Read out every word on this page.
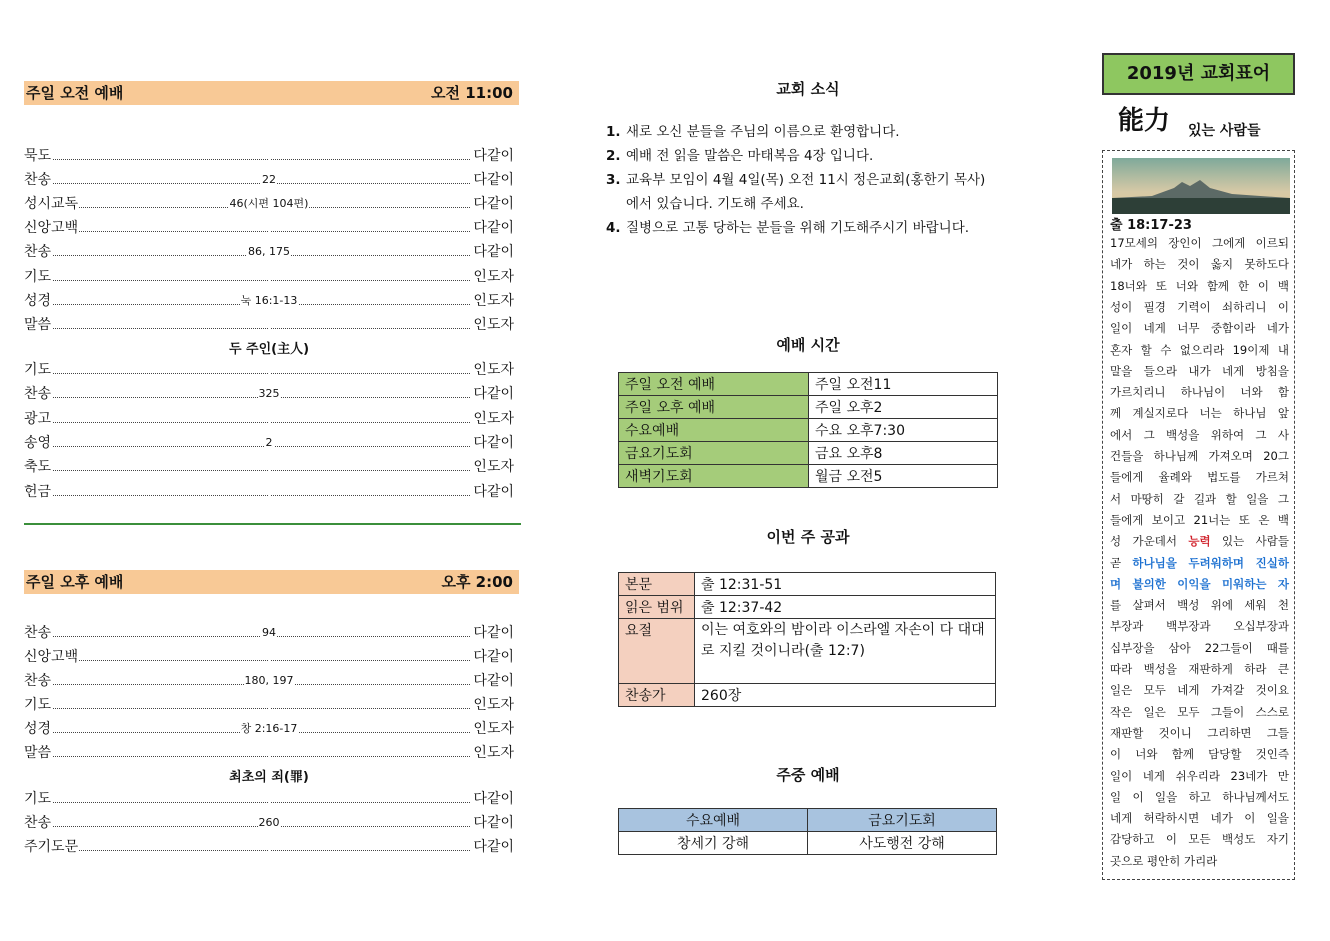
주일 오전 예배	오전 11:00
묵도	다같이
찬송	22	다같이
성시교독	46(시편 104편)	다같이
신앙고백	다같이
찬송	86, 175	다같이
기도	인도자
성경	눅 16:1-13	인도자
말씀	인도자
두 주인(主人)
기도	인도자
찬송	325	다같이
광고	인도자
송영	2	다같이
축도	인도자
헌금	다같이
주일 오후 예배	오후 2:00
찬송	94	다같이
신앙고백	다같이
찬송	180, 197	다같이
기도	인도자
성경	창 2:16-17	인도자
말씀	인도자
최초의 죄(罪)
기도	다같이
찬송	260	다같이
주기도문	다같이
교회 소식
1. 새로 오신 분들을 주님의 이름으로 환영합니다.
2. 예배 전 읽을 말씀은 마태복음 4장 입니다.
3. 교육부 모임이 4월 4일(목) 오전 11시 정은교회(홍한기 목사)
에서 있습니다. 기도해 주세요.
4. 질병으로 고통 당하는 분들을 위해 기도해주시기 바랍니다.
예배 시간
주일 오전 예배	주일 오전11
주일 오후 예배	주일 오후2
수요예배	수요 오후7:30
금요기도회	금요 오후8
새벽기도회	월금 오전5
이번 주 공과
본문	출 12:31-51
읽은 범위	출 12:37-42
요절	이는 여호와의 밤이라 이스라엘 자손이 다 대대
로 지킬 것이니라(출 12:7)
찬송가	260장
주중 예배
수요예배	금요기도회
창세기 강해	사도행전 강해
2019년 교회표어
能力 있는 사람들
출 18:17-23
17모세의 장인이 그에게 이르되
네가 하는 것이 옳지 못하도다
18너와 또 너와 함께 한 이 백
성이 필경 기력이 쇠하리니 이
일이 네게 너무 중함이라 네가
혼자 할 수 없으리라 19이제 내
말을 들으라 내가 네게 방침을
가르치리니 하나님이 너와 함
께 계실지로다 너는 하나님 앞
에서 그 백성을 위하여 그 사
건들을 하나님께 가져오며 20그
들에게 율례와 법도를 가르쳐
서 마땅히 갈 길과 할 일을 그
들에게 보이고 21너는 또 온 백
성 가운데서 능력 있는 사람들
곧 하나님을 두려워하며 진실하
며 불의한 이익을 미워하는 자
를 살펴서 백성 위에 세워 천
부장과 백부장과 오십부장과
십부장을 삼아 22그들이 때를
따라 백성을 재판하게 하라 큰
일은 모두 네게 가져갈 것이요
작은 일은 모두 그들이 스스로
재판할 것이니 그리하면 그들
이 너와 함께 담당할 것인즉
일이 네게 쉬우리라 23네가 만
일 이 일을 하고 하나님께서도
네게 허락하시면 네가 이 일을
감당하고 이 모든 백성도 자기
곳으로 평안히 가리라
